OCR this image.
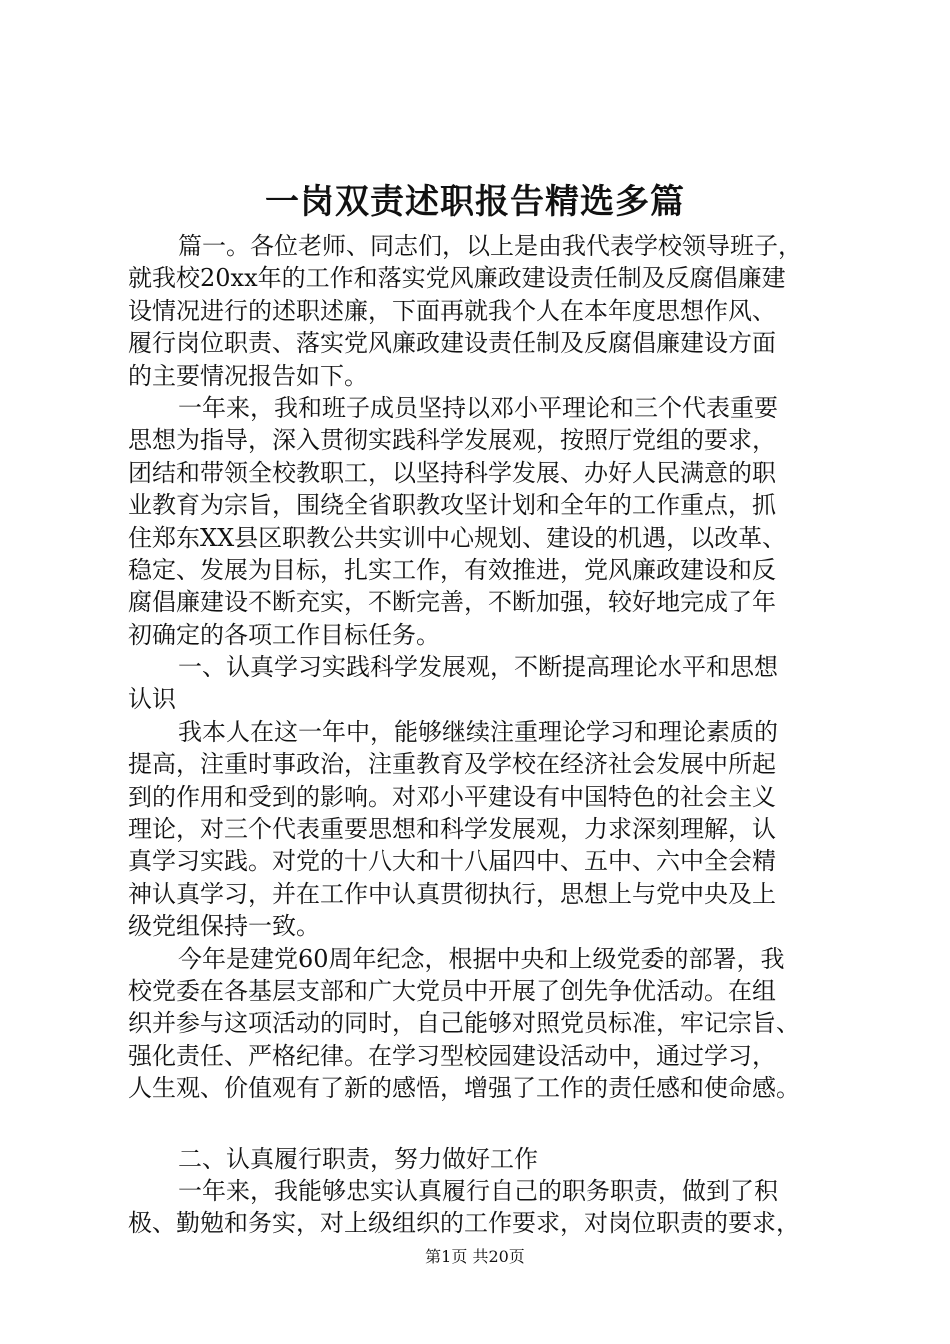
一岗双责述职报告精选多篇
篇一。各位老师、同志们，以上是由我代表学校领导班子，
就我校20xx年的工作和落实党风廉政建设责任制及反腐倡廉建
设情况进行的述职述廉，下面再就我个人在本年度思想作风、
履行岗位职责、落实党风廉政建设责任制及反腐倡廉建设方面
的主要情况报告如下。
一年来，我和班子成员坚持以邓小平理论和三个代表重要
思想为指导，深入贯彻实践科学发展观，按照厅党组的要求，
团结和带领全校教职工，以坚持科学发展、办好人民满意的职
业教育为宗旨，围绕全省职教攻坚计划和全年的工作重点，抓
住郑东XX县区职教公共实训中心规划、建设的机遇，以改革、
稳定、发展为目标，扎实工作，有效推进，党风廉政建设和反
腐倡廉建设不断充实，不断完善，不断加强，较好地完成了年
初确定的各项工作目标任务。
一、认真学习实践科学发展观，不断提高理论水平和思想
认识
我本人在这一年中，能够继续注重理论学习和理论素质的
提高，注重时事政治，注重教育及学校在经济社会发展中所起
到的作用和受到的影响。对邓小平建设有中国特色的社会主义
理论，对三个代表重要思想和科学发展观，力求深刻理解，认
真学习实践。对党的十八大和十八届四中、五中、六中全会精
神认真学习，并在工作中认真贯彻执行，思想上与党中央及上
级党组保持一致。
今年是建党60周年纪念，根据中央和上级党委的部署，我
校党委在各基层支部和广大党员中开展了创先争优活动。在组
织并参与这项活动的同时，自己能够对照党员标准，牢记宗旨、
强化责任、严格纪律。在学习型校园建设活动中，通过学习，
人生观、价值观有了新的感悟，增强了工作的责任感和使命感。
二、认真履行职责，努力做好工作
一年来，我能够忠实认真履行自己的职务职责，做到了积
极、勤勉和务实，对上级组织的工作要求，对岗位职责的要求，
第1页 共20页
